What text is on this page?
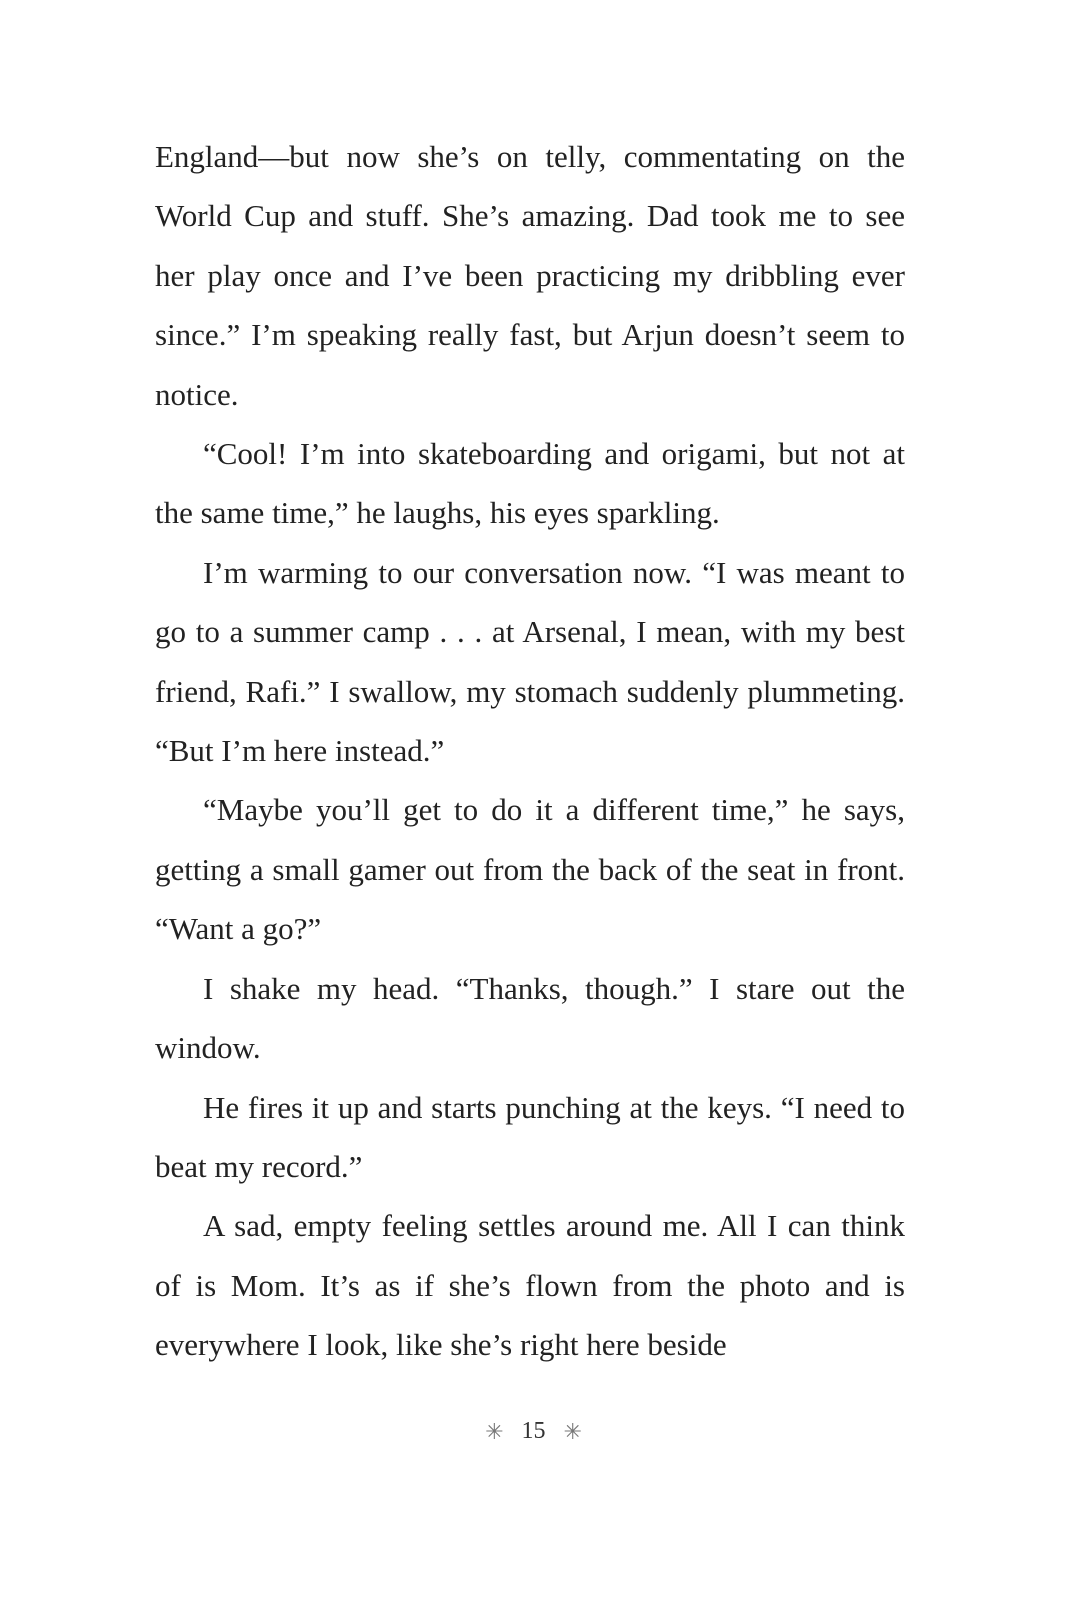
England—but now she’s on telly, commentating on the World Cup and stuff. She’s amazing. Dad took me to see her play once and I’ve been practicing my dribbling ever since.” I’m speaking really fast, but Arjun doesn’t seem to notice.

“Cool! I’m into skateboarding and origami, but not at the same time,” he laughs, his eyes sparkling.

I’m warming to our conversation now. “I was meant to go to a summer camp . . . at Arsenal, I mean, with my best friend, Rafi.” I swallow, my stomach suddenly plummeting. “But I’m here instead.”

“Maybe you’ll get to do it a different time,” he says, getting a small gamer out from the back of the seat in front. “Want a go?”

I shake my head. “Thanks, though.” I stare out the window.

He fires it up and starts punching at the keys. “I need to beat my record.”

A sad, empty feeling settles around me. All I can think of is Mom. It’s as if she’s flown from the photo and is everywhere I look, like she’s right here beside

✳ 15 ✳
